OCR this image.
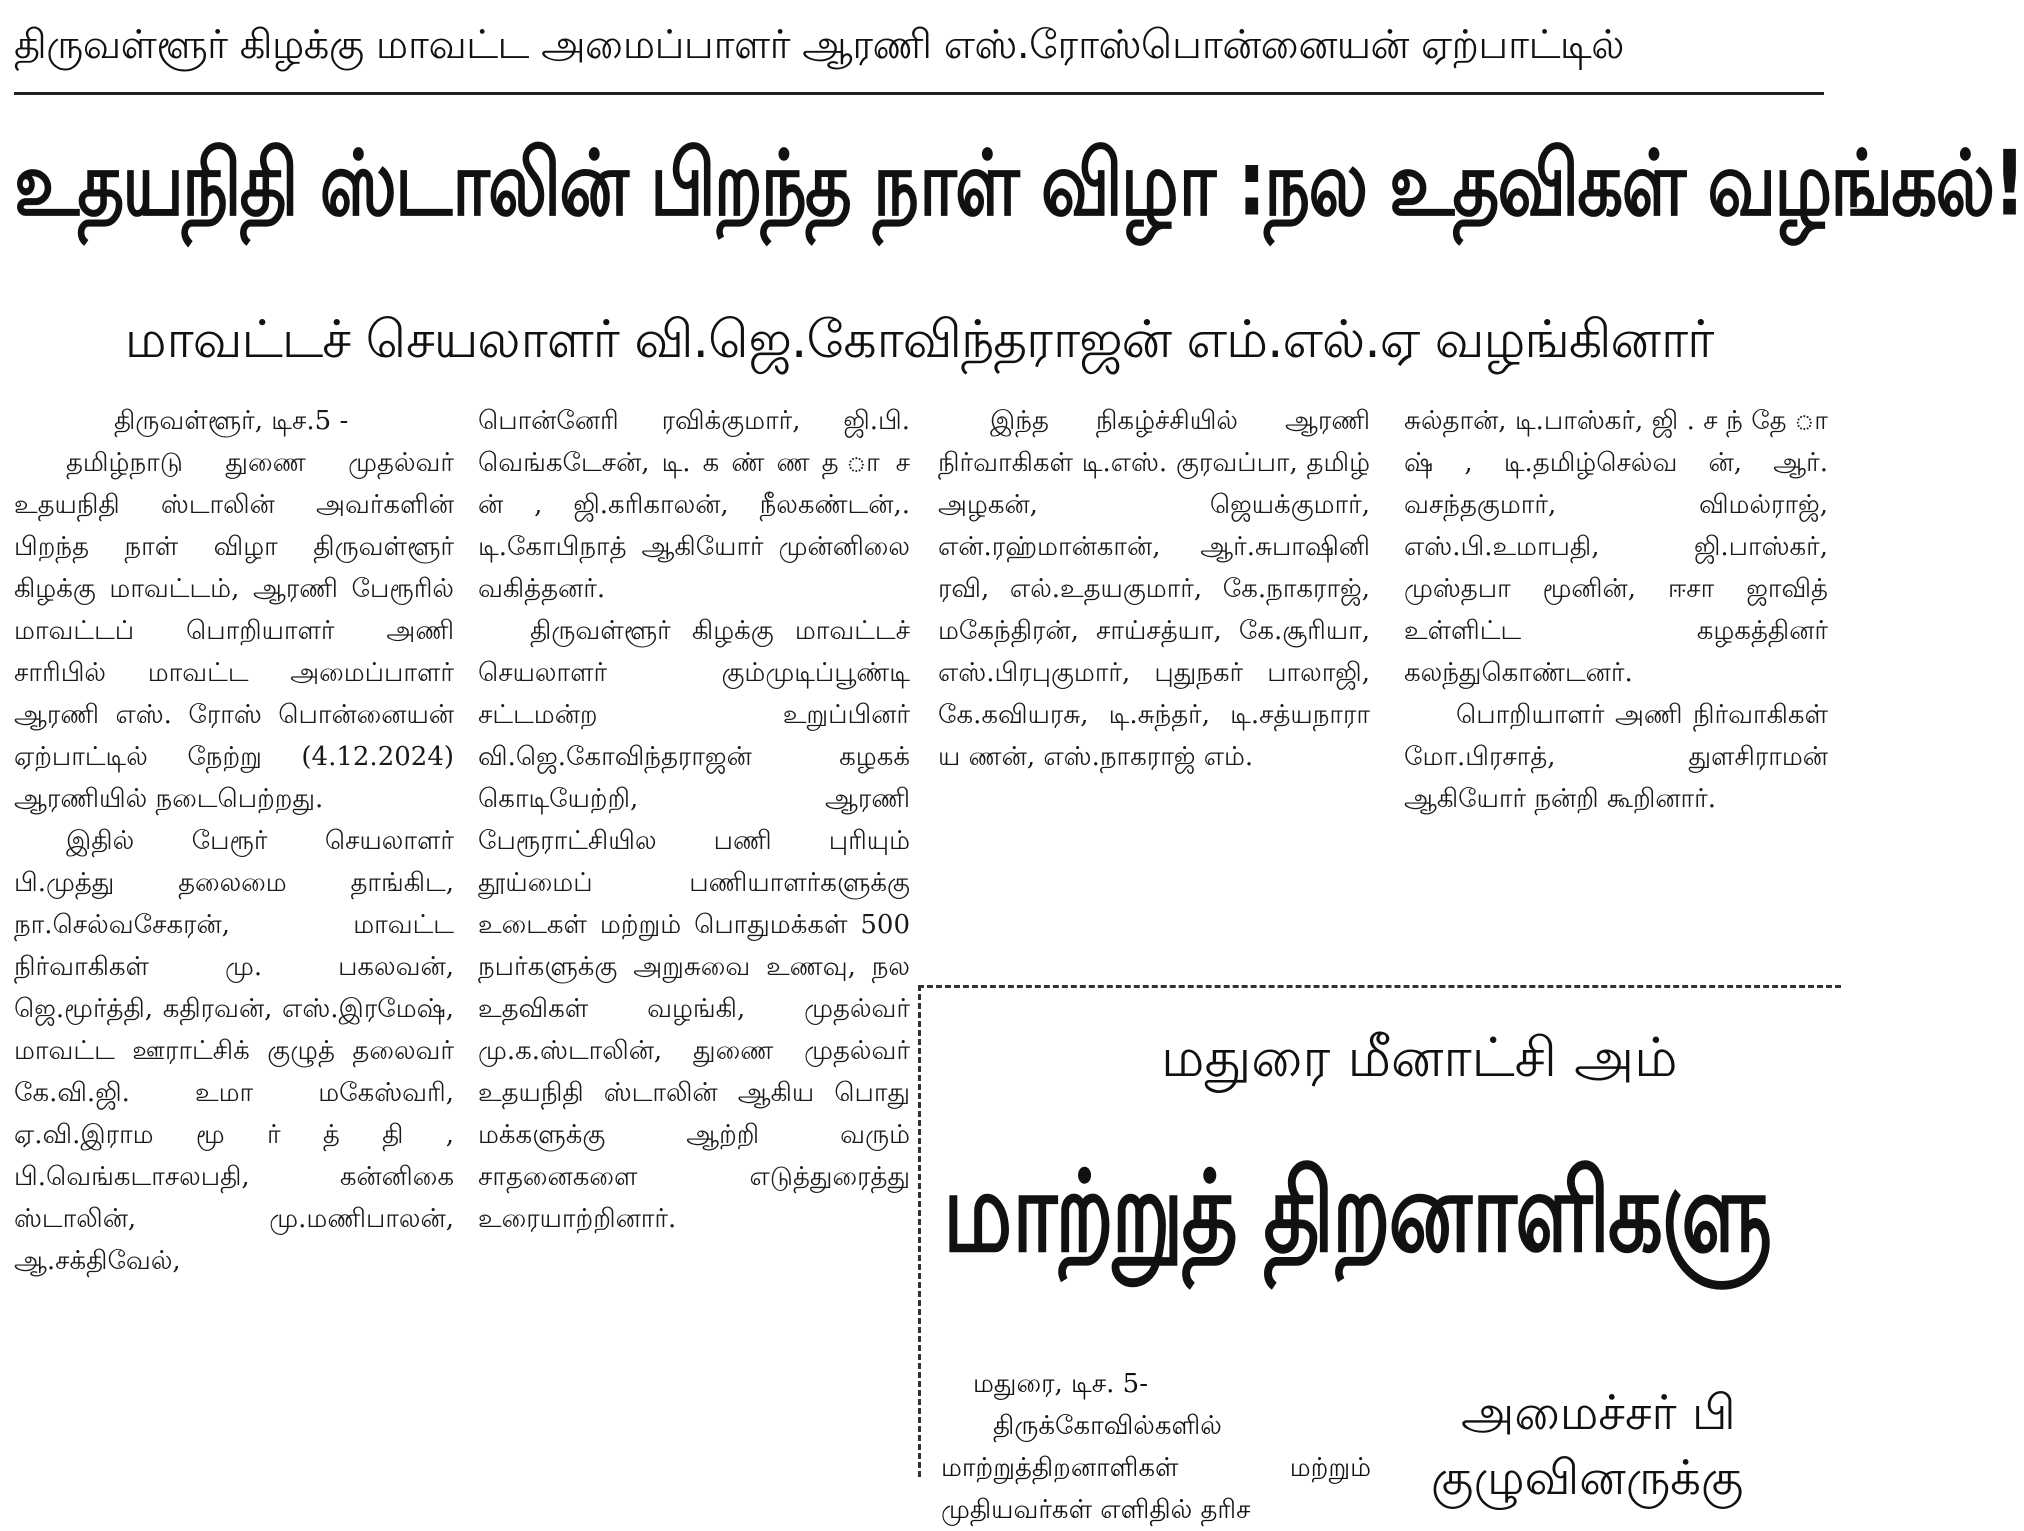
திருவள்ளூர் கிழக்கு மாவட்ட அமைப்பாளர் ஆரணி எஸ்.ரோஸ்பொன்னையன் ஏற்பாட்டில்
உதயநிதி ஸ்டாலின் பிறந்த நாள் விழா :நல உதவிகள் வழங்கல்!
மாவட்டச் செயலாளர் வி.ஜெ.கோவிந்தராஜன் எம்.எல்.ஏ வழங்கினார்

திருவள்ளூர், டிச.5 -

தமிழ்நாடு துணை முதல்வர் உதயநிதி ஸ்டாலின் அவர்களின் பிறந்த நாள் விழா திருவள்ளூர் கிழக்கு மாவட்டம், ஆரணி பேரூரில் மாவட்டப் பொறியாளர் அணி சாரிபில் மாவட்ட அமைப்பாளர் ஆரணி எஸ். ரோஸ் பொன்னையன் ஏற்பாட்டில் நேற்று (4.12.2024) ஆரணியில் நடைபெற்றது.

இதில் பேரூர் செயலாளர் பி.முத்து தலைமை தாங்கிட, நா.செல்வசேகரன், மாவட்ட நிர்வாகிகள் மு. பகலவன், ஜெ.மூர்த்தி, கதிரவன், எஸ்.இரமேஷ், மாவட்ட ஊராட்சிக் குழுத் தலைவர் கே.வி.ஜி. உமா மகேஸ்வரி, ஏ.வி.இராம மூ ர் த் தி , பி.வெங்கடாசலபதி, கன்னிகை ஸ்டாலின், மு.மணிபாலன், ஆ.சக்திவேல்,

பொன்னேரி ரவிக்குமார், ஜி.பி. வெங்கடேசன், டி. க ண் ண த ா ச ன் , ஜி.கரிகாலன், நீலகண்டன்,. டி.கோபிநாத் ஆகியோர் முன்னிலை வகித்தனர்.

திருவள்ளூர் கிழக்கு மாவட்டச் செயலாளர் கும்முடிப்பூண்டி சட்டமன்ற உறுப்பினர் வி.ஜெ.கோவிந்தராஜன் கழகக் கொடியேற்றி, ஆரணி பேரூராட்சியில பணி புரியும் தூய்மைப் பணியாளர்களுக்கு உடைகள் மற்றும் பொதுமக்கள் 500 நபர்களுக்கு அறுசுவை உணவு, நல உதவிகள் வழங்கி, முதல்வர் மு.க.ஸ்டாலின், துணை முதல்வர் உதயநிதி ஸ்டாலின் ஆகிய பொது மக்களுக்கு ஆற்றி வரும் சாதனைகளை எடுத்துரைத்து உரையாற்றினார்.

இந்த நிகழ்ச்சியில் ஆரணி நிர்வாகிகள் டி.எஸ். குரவப்பா, தமிழ் அழகன், ஜெயக்குமார், என்.ரஹ்மான்கான், ஆர்.சுபாஷினி ரவி, எல்.உதயகுமார், கே.நாகராஜ், மகேந்திரன், சாய்சத்யா, கே.சூரியா, எஸ்.பிரபுகுமார், புதுநகர் பாலாஜி, கே.கவியரசு, டி.சுந்தர், டி.சத்யநாரா ய ணன், எஸ்.நாகராஜ் எம்.

சுல்தான், டி.பாஸ்கர், ஜி . ச ந் தே ா ஷ் , டி.தமிழ்செல்வ ன், ஆர். வசந்தகுமார், விமல்ராஜ், எஸ்.பி.உமாபதி, ஜி.பாஸ்கர், முஸ்தபா மூனின், ஈசா ஜாவித் உள்ளிட்ட கழகத்தினர் கலந்துகொண்டனர்.

பொறியாளர் அணி நிர்வாகிகள் மோ.பிரசாத், துளசிராமன் ஆகியோர் நன்றி கூறினார்.

மதுரை மீனாட்சி அம்
மாற்றுத் திறனாளிகளு

மதுரை, டிச. 5-

திருக்கோவில்களில் மாற்றுத்திறனாளிகள் மற்றும் முதியவர்கள் எளிதில் தரிச

அமைச்சர் பி
குழுவினருக்கு
